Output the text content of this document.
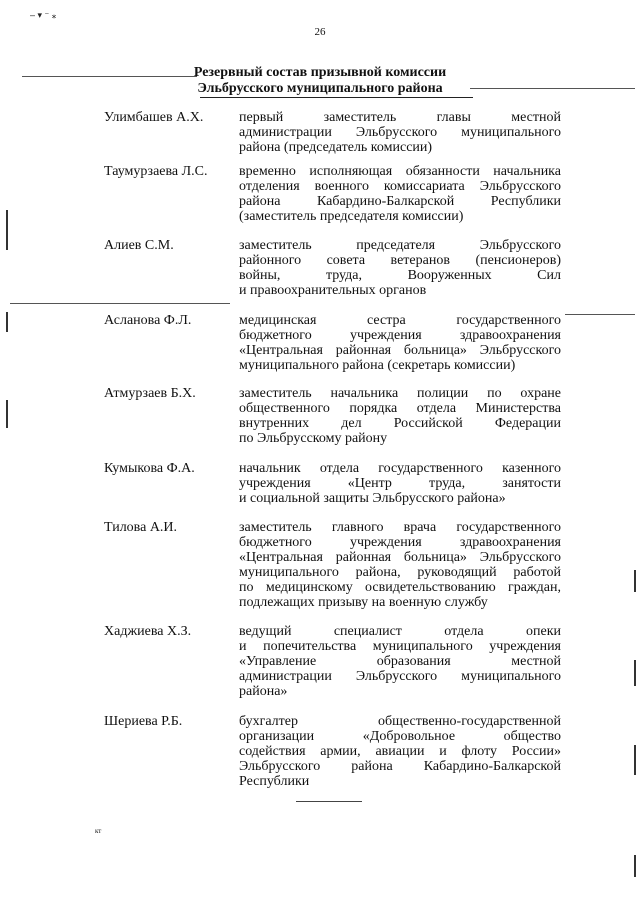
– ▾ ⁻ ⁎
26
Резервный состав призывной комиссии
Эльбрусского муниципального района
Улимбашев А.Х.	первый заместитель главы местной
администрации Эльбрусского муниципального
района (председатель комиссии)
Таумурзаева Л.С. временно исполняющая обязанности начальника
отделения военного комиссариата Эльбрусского
района Кабардино-Балкарской Республики
(заместитель председателя комиссии)
Алиев С.М.	заместитель председателя Эльбрусского
районного совета ветеранов (пенсионеров)
войны, труда, Вооруженных Сил
и правоохранительных органов
Асланова Ф.Л.	медицинская сестра государственного
бюджетного учреждения здравоохранения
«Центральная районная больница» Эльбрусского
муниципального района (секретарь комиссии)
Атмурзаев Б.Х.	заместитель начальника полиции по охране
общественного порядка отдела Министерства
внутренних дел Российской Федерации
по Эльбрусскому району
Кумыкова Ф.А.	начальник отдела государственного казенного
учреждения «Центр труда, занятости
и социальной защиты Эльбрусского района»
Тилова А.И.	заместитель главного врача государственного
бюджетного учреждения здравоохранения
«Центральная районная больница» Эльбрусского
муниципального района, руководящий работой
по медицинскому освидетельствованию граждан,
подлежащих призыву на военную службу
Хаджиева Х.З.	ведущий специалист отдела опеки
и попечительства муниципального учреждения
«Управление образования местной
администрации Эльбрусского муниципального
района»
Шериева Р.Б.	бухгалтер общественно-государственной
организации «Добровольное общество
содействия армии, авиации и флоту России»
Эльбрусского района Кабардино-Балкарской
Республики
кт
